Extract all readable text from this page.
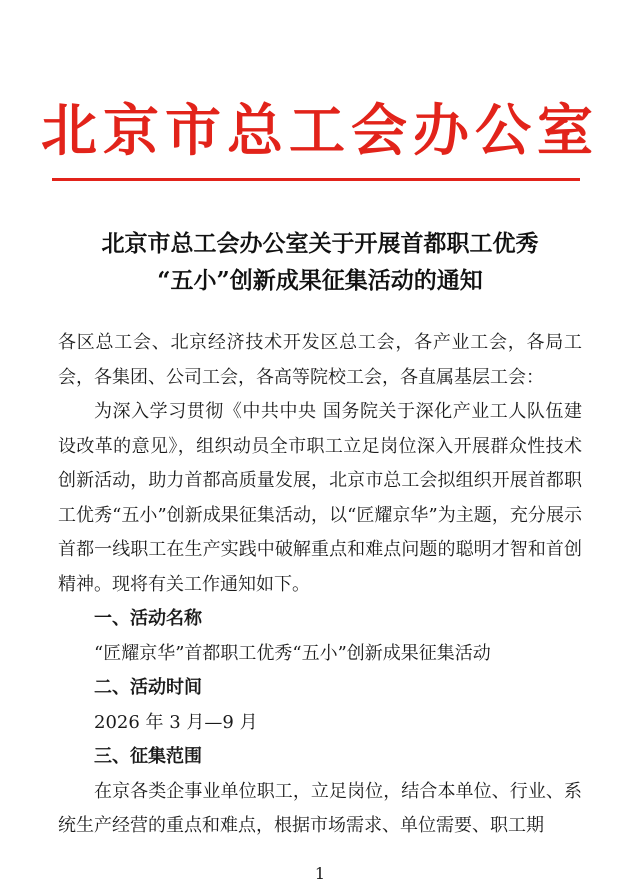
北京市总工会办公室
北京市总工会办公室关于开展首都职工优秀
“五小”创新成果征集活动的通知

各区总工会、北京经济技术开发区总工会，各产业工会，各局工会，各集团、公司工会，各高等院校工会，各直属基层工会：

为深入学习贯彻《中共中央 国务院关于深化产业工人队伍建设改革的意见》，组织动员全市职工立足岗位深入开展群众性技术创新活动，助力首都高质量发展，北京市总工会拟组织开展首都职工优秀“五小”创新成果征集活动，以“匠耀京华”为主题，充分展示首都一线职工在生产实践中破解重点和难点问题的聪明才智和首创精神。现将有关工作通知如下。

一、活动名称

“匠耀京华”首都职工优秀“五小”创新成果征集活动

二、活动时间

2026 年 3 月—9 月

三、征集范围

在京各类企事业单位职工，立足岗位，结合本单位、行业、系统生产经营的重点和难点，根据市场需求、单位需要、职工期

1
